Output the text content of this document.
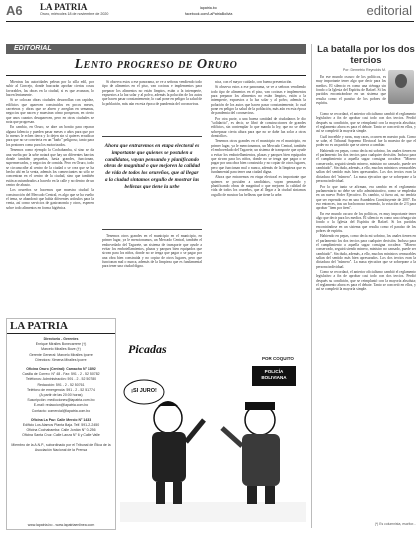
A6 LA PATRIA
Oruro, miércoles 18 de noviembre de 2020
lapatria.bo
facebook.com/LaPatriaBolivia	editorial
EDITORIAL
Lento progreso de Oruro

Mientras las autoridades pelean por la silla edil, por subir al Concejo, donde buscarán aprobar ciertas cosas favorables, las obras en la ciudad, si es que avanzan, lo hacen lentamente.

Si se colocan obras ciudades desarrollan con rapidez, edificios que aparecen construidos en pocos meses, carreteras y obras que se abren y arreglan en semanas, negocios que nacen y muestran cómo prosperan, en cierto que unos cuantos desaparecen, pero en otros ciudades se nota que progresan.

En cambio, en Oruro, se abre un bonito para reparar alguna falencia y pueden pasar meses o años para que por lo menos le echen tierra y lo dejen sin sí quieres erradicar para que no se convierta en un "baño" peligroso, tanto para los peatones como para los motorizados.

Tenemos como ejemplo la Cochabamba, sí sino se da una vuelta por la urbe notará que hay un diferentes barrios donde también pequeñas, hasta grandes, funcionan, supermercados, y negocios de comida. Pero en Oruro, todo se circunscribe al centro de la ciudad o se crea que se ha hecho ahí en la venta, además los comerciantes no sólo se concentran en el centro de la ciudad, sino que también están acostumbrados a hacerlo en la calle y no dentro de un centro de abasto.

Los orureños se hacemos que muestra ciudad la construcción del Mercado Central, es algo que se ha vuelto el tema, se abandonó que había diferentes artículos para la venta, así como servicios de gastronomía y otros, esperen sobre todo alimentos en forma higiénica.

Ahora que entraremos en etapa electoral es importante que quienes se postulen a candidatos, vayan pensando y planificando obras de magnitud o que mejoren la calidad de vida de todos los orureños, que al llegar a la ciudad sintamos orgullo de mostrar las bellezas que tiene la urbe

nica, con el mayor cuidado, con buena presentación.

Si observa estos a ese panorama, se ve a señoras vendiendo todo tipo de alimentos en el piso, van cocinas e implementos para preparar los alimentos no están limpios, están a la intemperie, expuestos a la luz solar y al polvo, además la polución de los autos que hacen pasar constantemente, lo cual pone en peligro la salud de la población, más aún en esta época de pandemia del coronavirus.

Por otra parte, a una buena cantidad de ciudadanos le dio "solidarito", es decir, se libró de construcciones de grandes edificios, sin contemplar lo que manda la ley, que no se debe sobrepasar cierta altura para que no se dañe luz solar a otros domicilios.

Tenemos otros grandes en el municipio en el municipio, en primer lugar, ya le mencionamos, un Mercado Central, también el embovedado del Tagarete, un sistema de transporte que ayude a evitar los embotellamientos, plazas y parques bien equipados que sirvan para los niños, donde no se tenga que pagar o se pagar por una obra bien construida y no copiar de otros lugares, pero que funcionan mal o nunca, además de la limpieza que es fundamental para tener una ciudad digna.

Ahora que entraremos en etapa electoral es importante que quienes se postulen a candidatos, vayan pensando y planificando obras de magnitud o que mejoren la calidad de vida de todos los orureños, que al llegar a la ciudad sintamos orgullo de mostrar las bellezas que tiene la urbe.

Tenemos otros grandes en el municipio en el municipio, en primer lugar, ya le mencionamos, un Mercado Central, también el embovedado del Tagarete, un sistema de transporte que ayude a evitar los embotellamientos, plazas y parques bien equipados que sirvan para los niños, donde no se tenga que pagar o se pagar por una obra bien construida y no copiar de otros lugares, pero que funcionan mal o nunca, además de la limpieza que es fundamental para tener una ciudad digna.

Si observa estos a ese panorama, se ve a señoras vendiendo todo tipo de alimentos en el piso, van cocinas e implementos para preparar los alimentos no están limpios, están a la intemperie, expuestos a la luz solar y al polvo, además la polución de los autos que hacen pasar constantemente, lo cual pone en peligro la salud de la población, más aún en esta época de pandemia del coronavirus.

La batalla por los dos tercios
Por: Demetrio Reynolds M.

En ese mundo oscuro de los políticos, es muy importante tener algo que decir para los medios. El silencio es como una ciénaga sin fondo o la Iglesia del Espíritu de Rafael. Si los partidos encontrándose en un sistema que resulta como el paraíso de los pobres de espíritu.

Como se recordará, el anterior oficialismo cambió el reglamento legislativo a fin de aprobar casi todo con dos tercios. Perdió después su condición, que se reimplantó con la mayoría absoluta; el reglamento ahora es para el debate. Tanto se concretó en ellos, y así se completó la mayoría simple.

Cuál increíble y raras, muy raras, ocurren en nuestro país. Como se sabe, el Tribunal Supremo Electoral fue la muestra de que el poder no es un partido que se atreva a cambiar.

Habiendo en pepas, como decía mi sobrino, los anales tienen en el parlamento los dos tercios para cualquier decisión. Incluso para el cumplimiento a aquella sagaz consigna cocalera: "Minero conservado, seguirá siendo minero, ministro no cansado, puede ser cambiado". Sin duda, además, a ello, muchos ministros censurables salían del sentido más bien apresurados. Los dos tercios eran la dictadura del "número". La masa ejecutiva que se sobrepone a la persona individual.

Por lo que tanto se afirman, era cambio en el reglamento parlamentario no debe ser sólo administrativo, como se empleaba en un nuevo Poder Ejecutivo. Es cambio, si fuera asi, no tendría que ser esperado eso en una Asamblea Constituyente de 2007. En eso entonces, tras un bochornoso tremendo, la votación de 2/3 para aprobar "ítem por ítem".

En ese mundo oscuro de los políticos, es muy importante tener algo que decir para los medios. El silencio es como una ciénaga sin fondo o la Iglesia del Espíritu de Rafael. Si los partidos encontrándose en un sistema que resulta como el paraíso de los pobres de espíritu.

Habiendo en pepas, como decía mi sobrino, los anales tienen en el parlamento los dos tercios para cualquier decisión. Incluso para el cumplimiento a aquella sagaz consigna cocalera: "Minero conservado, seguirá siendo minero, ministro no cansado, puede ser cambiado". Sin duda, además, a ello, muchos ministros censurables salían del sentido más bien apresurados. Los dos tercios eran la dictadura del "número". La masa ejecutiva que se sobrepone a la persona individual.

Como se recordará, el anterior oficialismo cambió el reglamento legislativo a fin de aprobar casi todo con dos tercios. Perdió después su condición, que se reimplantó con la mayoría absoluta; el reglamento ahora es para el debate. Tanto se concretó en ellos, y así se completó la mayoría simple.

(*) Es columnista, escritor...
LA PATRIA
Directorio - Gerentes
Enrique Miralles Bonecarrere (†)
Marcelo Miralles Bove (†)
Gerente General: Marcelo Miralles Iporre
Directora: Ximena Miralles Iporre
Oficina Oruro (Central): Camacho N° 1892
Casilla de Correo: N° 48 - Fax: 591 - 2 - 52 50782
Teléfonos: Administración: 591 - 2 - 52 50780
Redacción: 591 - 2 - 52 50761
Teléfono de emergencia: 591 - 2 - 52 51774
(A partir de las 20:00 horas)
Suscripción: mediociones@lapatria.com.bo
E-mail: redaccion@lapatria.com.bo
Contacto: comercial@lapatria.com.bo
Oficina La Paz: Calle Mercio N° 1433
Edificio Los Alamos Planta Baja. Telf. 591-2-2450
Oficina Cochabamba: Calle Jordán N° 0-256
Oficina Santa Cruz: Calle Lanza N° 6 y Calle Valle
Miembro de la A.N.P., subordinado por el Tribunal de Ética de la Asociación Nacional de la Prensa
www.lapatria.bo - www.lapatriaenlinea.com
Picadas
POR COQUITO
POLICÍA BOLIVIANA
¡SI JURO!
